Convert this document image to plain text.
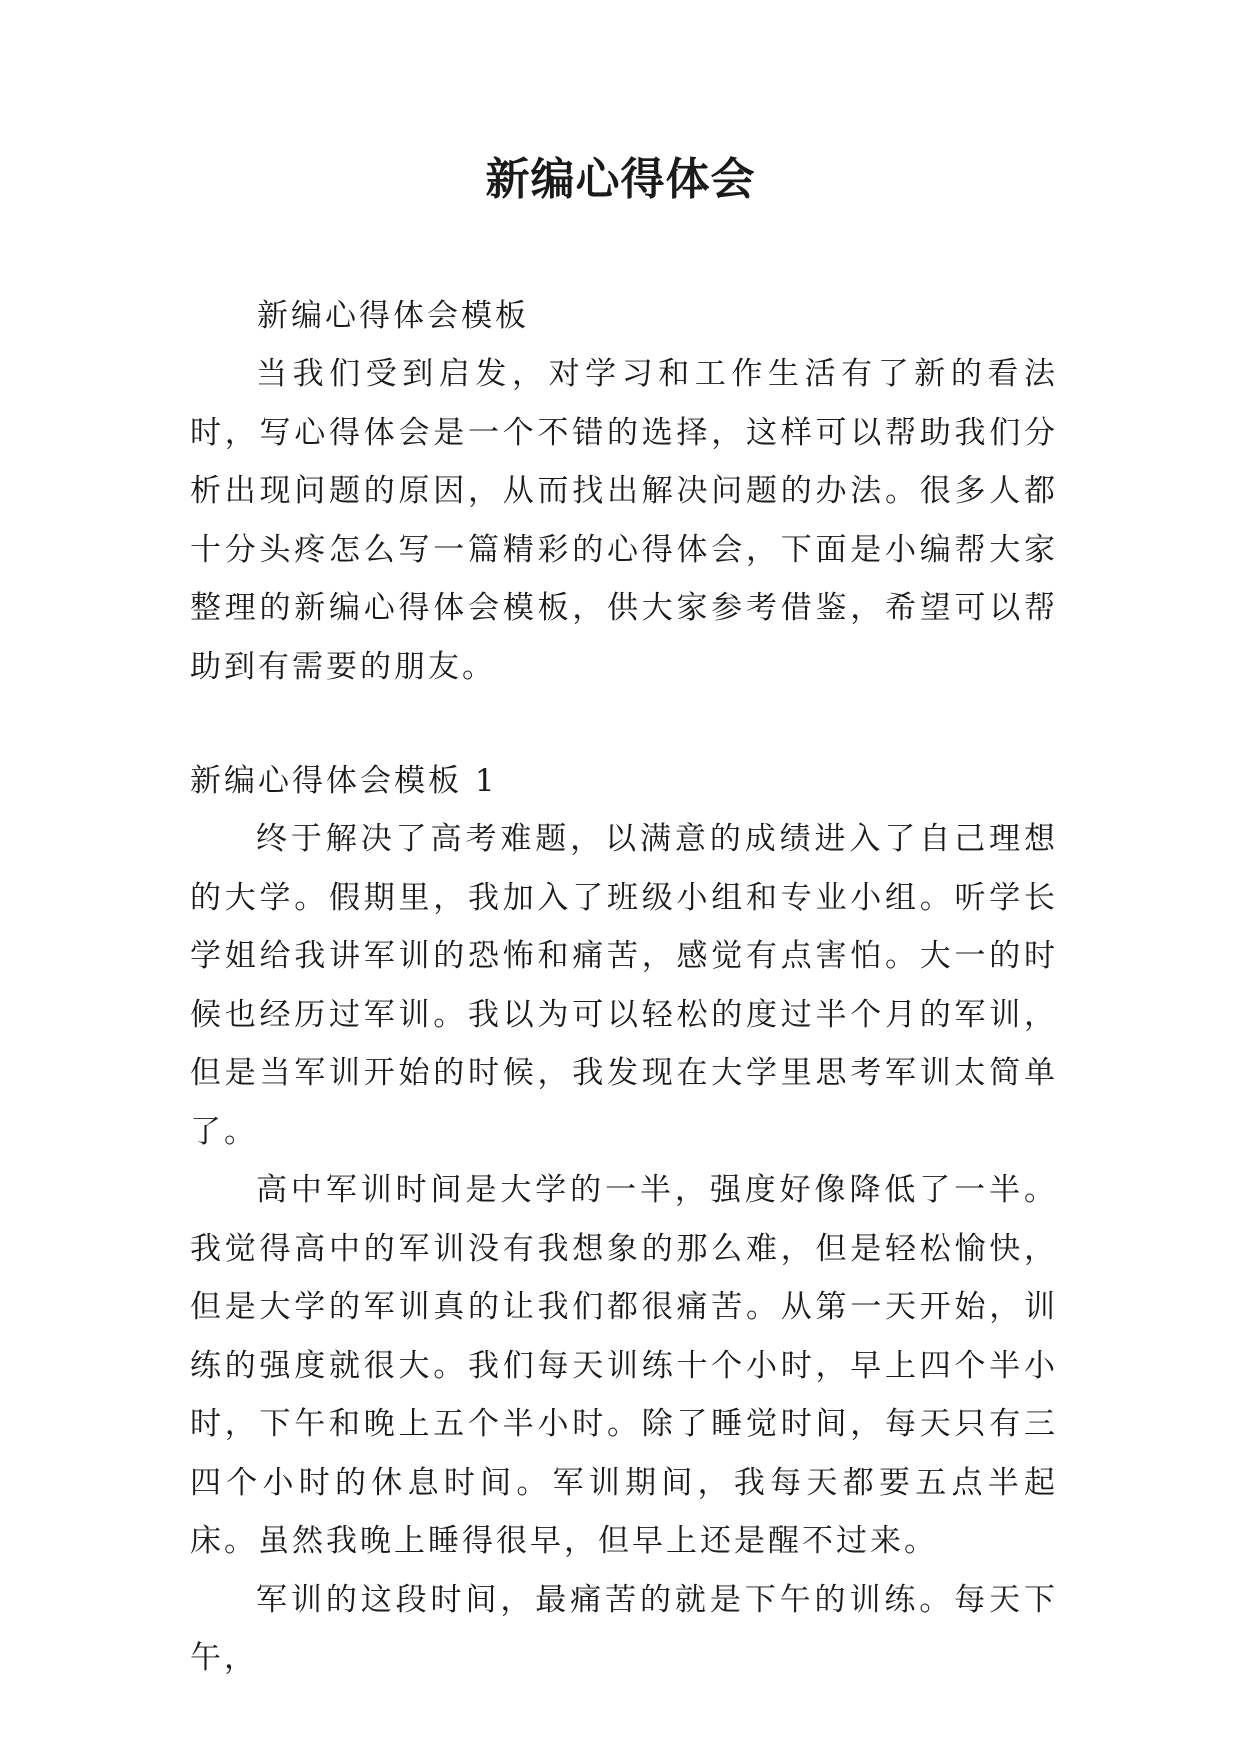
新编心得体会

新编心得体会模板

当我们受到启发，对学习和工作生活有了新的看法时，写心得体会是一个不错的选择，这样可以帮助我们分析出现问题的原因，从而找出解决问题的办法。很多人都十分头疼怎么写一篇精彩的心得体会，下面是小编帮大家整理的新编心得体会模板，供大家参考借鉴，希望可以帮助到有需要的朋友。

新编心得体会模板 1

终于解决了高考难题，以满意的成绩进入了自己理想的大学。假期里，我加入了班级小组和专业小组。听学长学姐给我讲军训的恐怖和痛苦，感觉有点害怕。大一的时候也经历过军训。我以为可以轻松的度过半个月的军训，但是当军训开始的时候，我发现在大学里思考军训太简单了。

高中军训时间是大学的一半，强度好像降低了一半。我觉得高中的军训没有我想象的那么难，但是轻松愉快，但是大学的军训真的让我们都很痛苦。从第一天开始，训练的强度就很大。我们每天训练十个小时，早上四个半小时，下午和晚上五个半小时。除了睡觉时间，每天只有三四个小时的休息时间。军训期间，我每天都要五点半起床。虽然我晚上睡得很早，但早上还是醒不过来。

军训的这段时间，最痛苦的就是下午的训练。每天下午，
